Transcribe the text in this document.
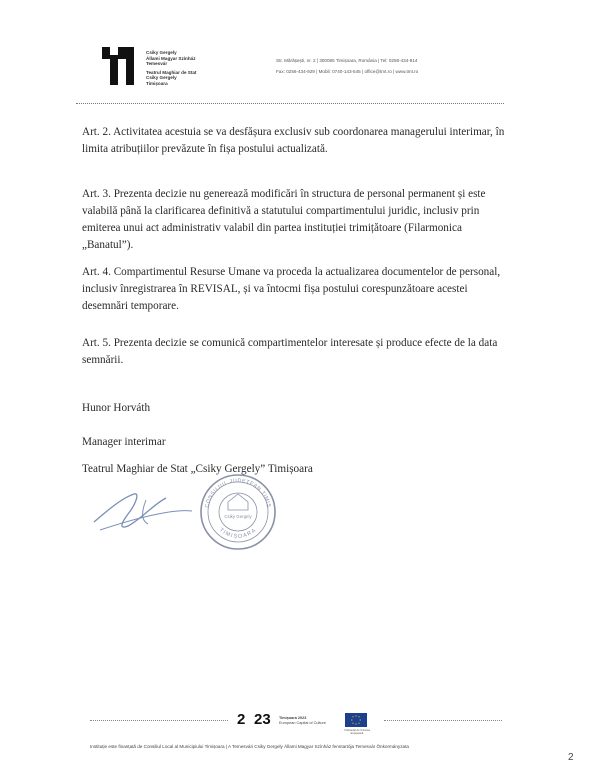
Csiky Gergely
Állami Magyar Színház
Temesvár
Teatrul Maghiar de Stat
Csiky Gergely
Timișoara
Str. Mărășești, nr. 2 | 300085 Timișoara, România | Tel: 0256-434-814
Fax: 0256-434-929 | Mobil: 0740-143-545 | office@tmt.ro | www.tmt.ro

Art. 2. Activitatea acestuia se va desfășura exclusiv sub coordonarea managerului interimar, în limita atribuțiilor prevăzute în fișa postului actualizată.

Art. 3. Prezenta decizie nu generează modificări în structura de personal permanent și este valabilă până la clarificarea definitivă a statutului compartimentului juridic, inclusiv prin emiterea unui act administrativ valabil din partea instituției trimițătoare (Filarmonica „Banatul”).

Art. 4. Compartimentul Resurse Umane va proceda la actualizarea documentelor de personal, inclusiv înregistrarea în REVISAL, și va întocmi fișa postului corespunzătoare acestei desemnări temporare.

Art. 5. Prezenta decizie se comunică compartimentelor interesate și produce efecte de la data semnării.

Hunor Horváth
Manager interimar
Teatrul Maghiar de Stat „Csiky Gergely” Timișoara
CONSILIUL JUDEȚEAN TIMIȘ
TIMIȘOARA
Csiky Gergely
2 23 Timișoara 2023
European Capital of Culture
Cofinanțat de Uniunea Europeană
Instituție este finanțată de Consiliul Local al Municipiului Timișoara | A Temesvári Csiky Gergely Állami Magyar Színház fenntartója Temesvár Önkormányzata
2
